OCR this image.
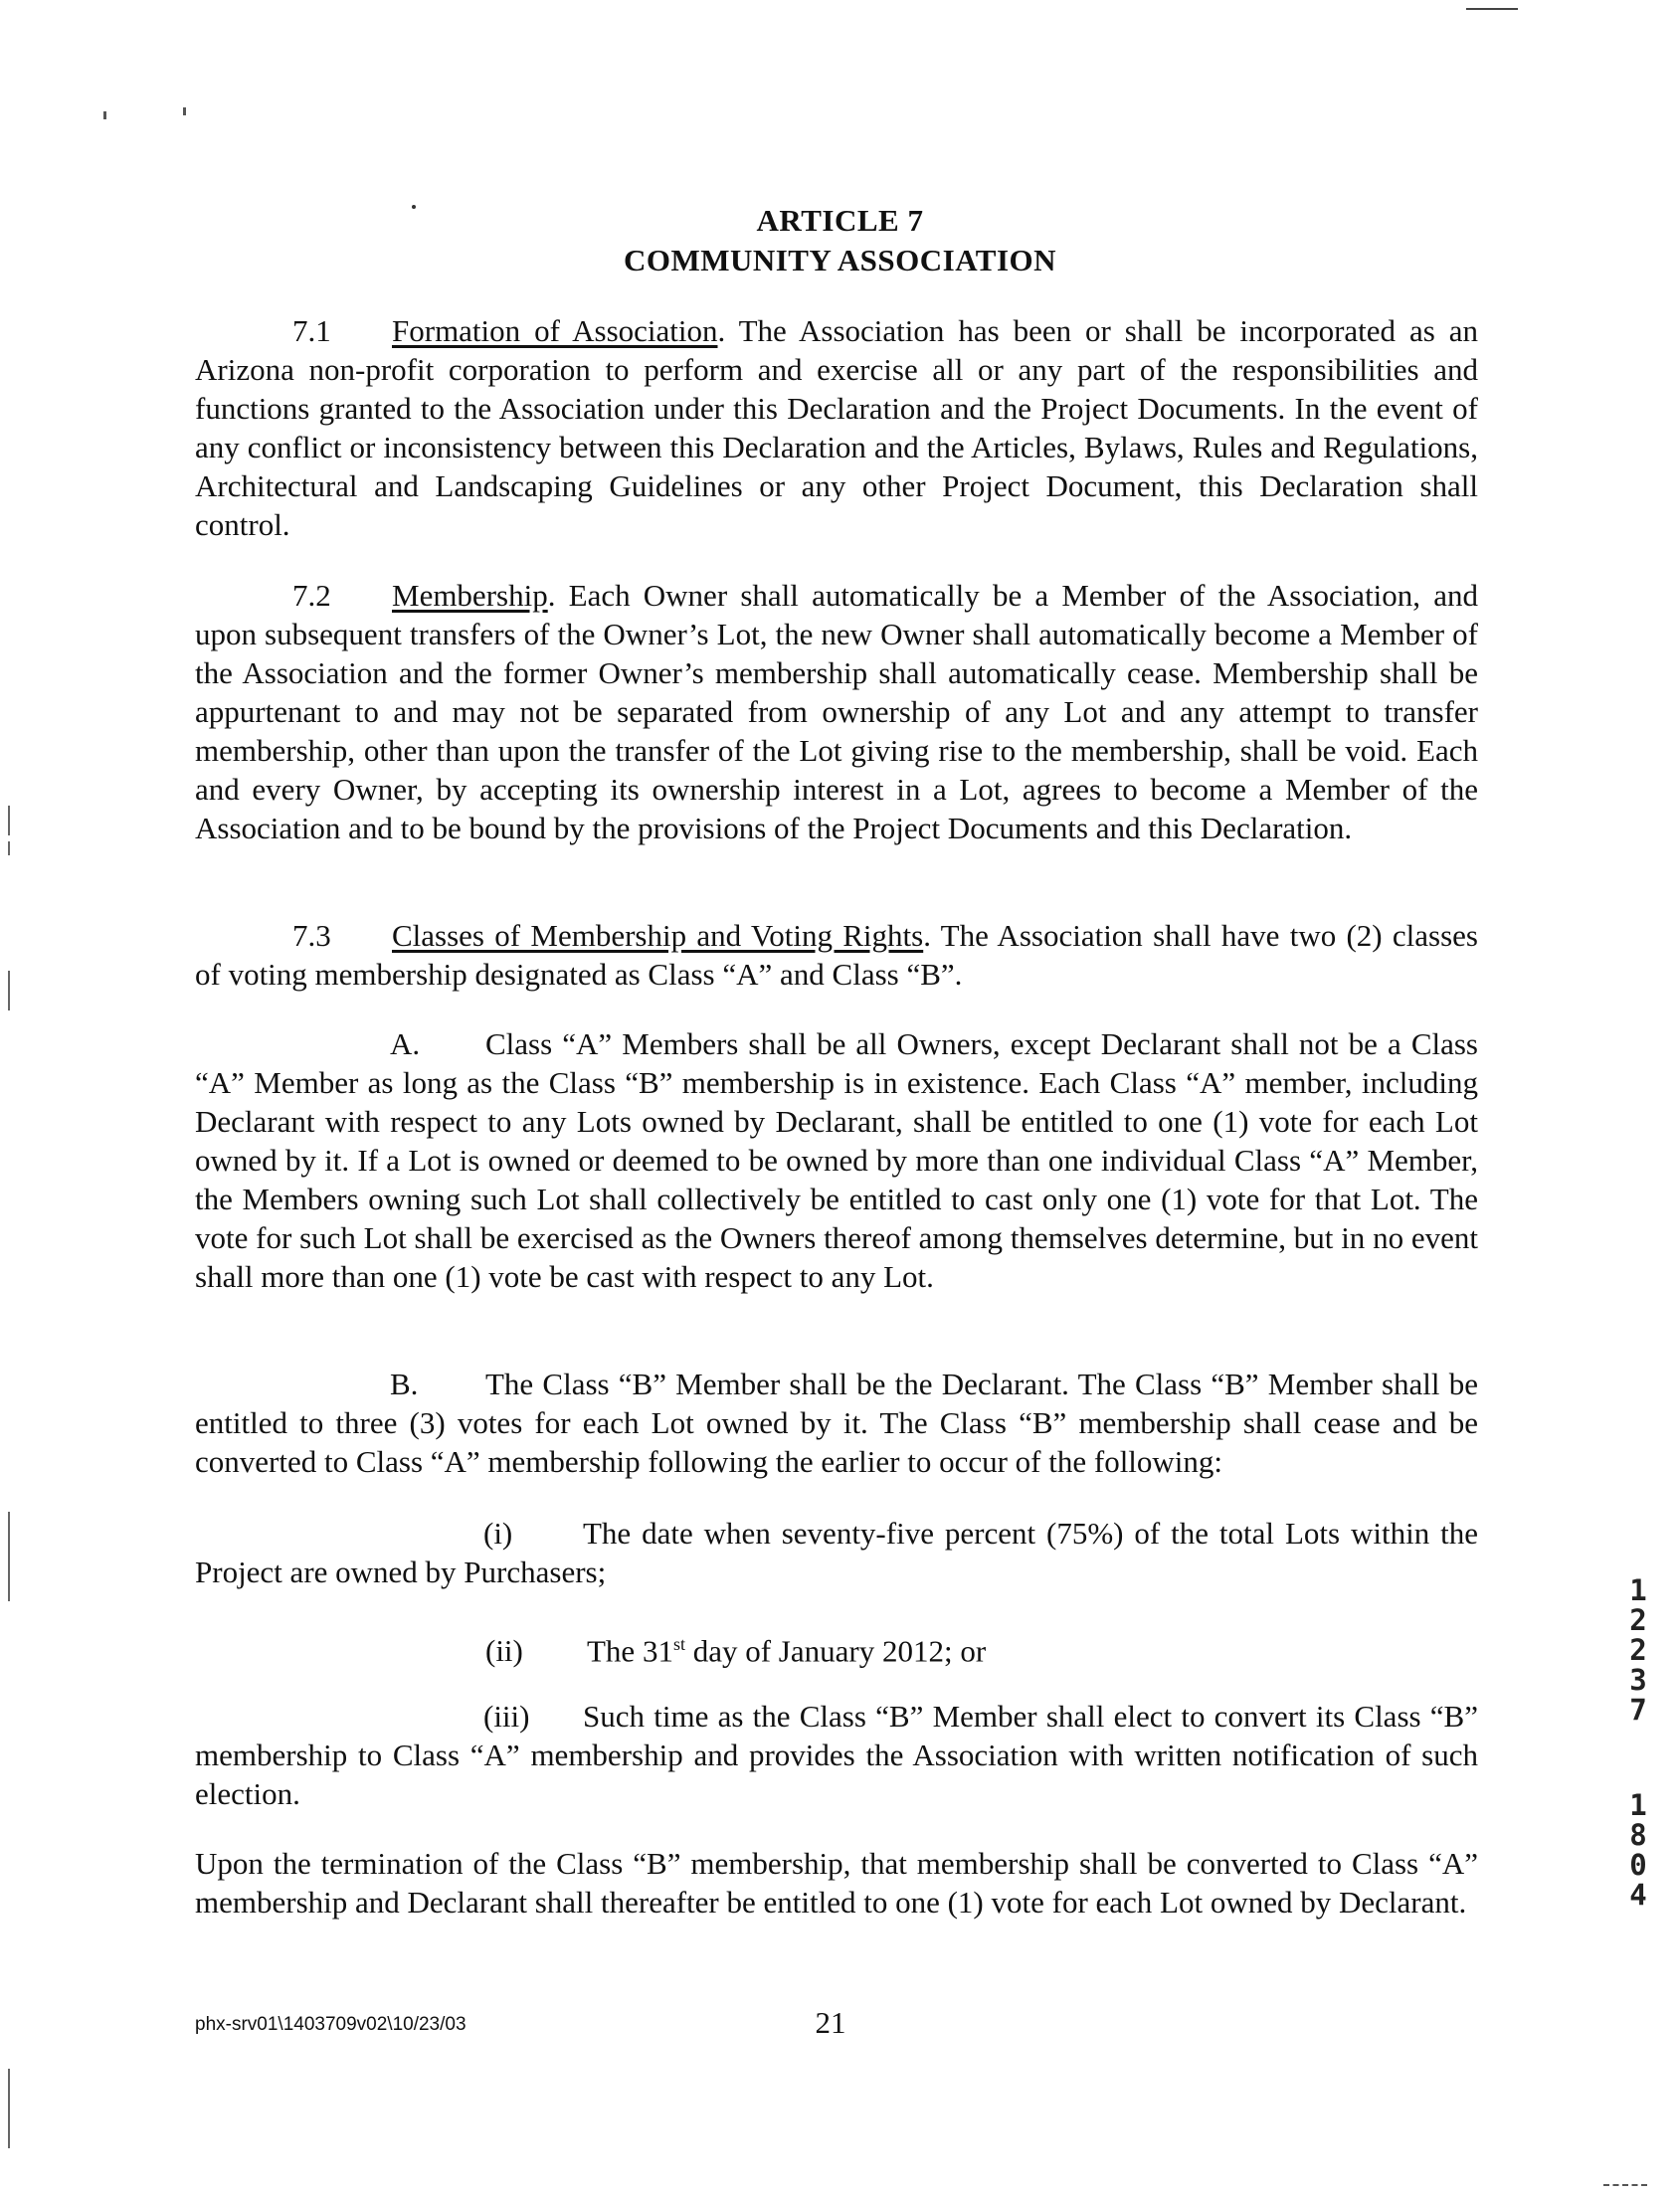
ARTICLE 7
COMMUNITY ASSOCIATION
7.1 Formation of Association. The Association has been or shall be incorporated as an Arizona non-profit corporation to perform and exercise all or any part of the responsibilities and functions granted to the Association under this Declaration and the Project Documents. In the event of any conflict or inconsistency between this Declaration and the Articles, Bylaws, Rules and Regulations, Architectural and Landscaping Guidelines or any other Project Document, this Declaration shall control.
7.2 Membership. Each Owner shall automatically be a Member of the Association, and upon subsequent transfers of the Owner’s Lot, the new Owner shall automatically become a Member of the Association and the former Owner’s membership shall automatically cease. Membership shall be appurtenant to and may not be separated from ownership of any Lot and any attempt to transfer membership, other than upon the transfer of the Lot giving rise to the membership, shall be void. Each and every Owner, by accepting its ownership interest in a Lot, agrees to become a Member of the Association and to be bound by the provisions of the Project Documents and this Declaration.
7.3 Classes of Membership and Voting Rights. The Association shall have two (2) classes of voting membership designated as Class “A” and Class “B”.
A. Class “A” Members shall be all Owners, except Declarant shall not be a Class “A” Member as long as the Class “B” membership is in existence. Each Class “A” member, including Declarant with respect to any Lots owned by Declarant, shall be entitled to one (1) vote for each Lot owned by it. If a Lot is owned or deemed to be owned by more than one individual Class “A” Member, the Members owning such Lot shall collectively be entitled to cast only one (1) vote for that Lot. The vote for such Lot shall be exercised as the Owners thereof among themselves determine, but in no event shall more than one (1) vote be cast with respect to any Lot.
B. The Class “B” Member shall be the Declarant. The Class “B” Member shall be entitled to three (3) votes for each Lot owned by it. The Class “B” membership shall cease and be converted to Class “A” membership following the earlier to occur of the following:
(i) The date when seventy-five percent (75%) of the total Lots within the Project are owned by Purchasers;
(ii) The 31st day of January 2012; or
(iii) Such time as the Class “B” Member shall elect to convert its Class “B” membership to Class “A” membership and provides the Association with written notification of such election.
Upon the termination of the Class “B” membership, that membership shall be converted to Class “A” membership and Declarant shall thereafter be entitled to one (1) vote for each Lot owned by Declarant.
phx-srv01\1403709v02\10/23/03	21
1
2
2
3
7
1
8
0
4
